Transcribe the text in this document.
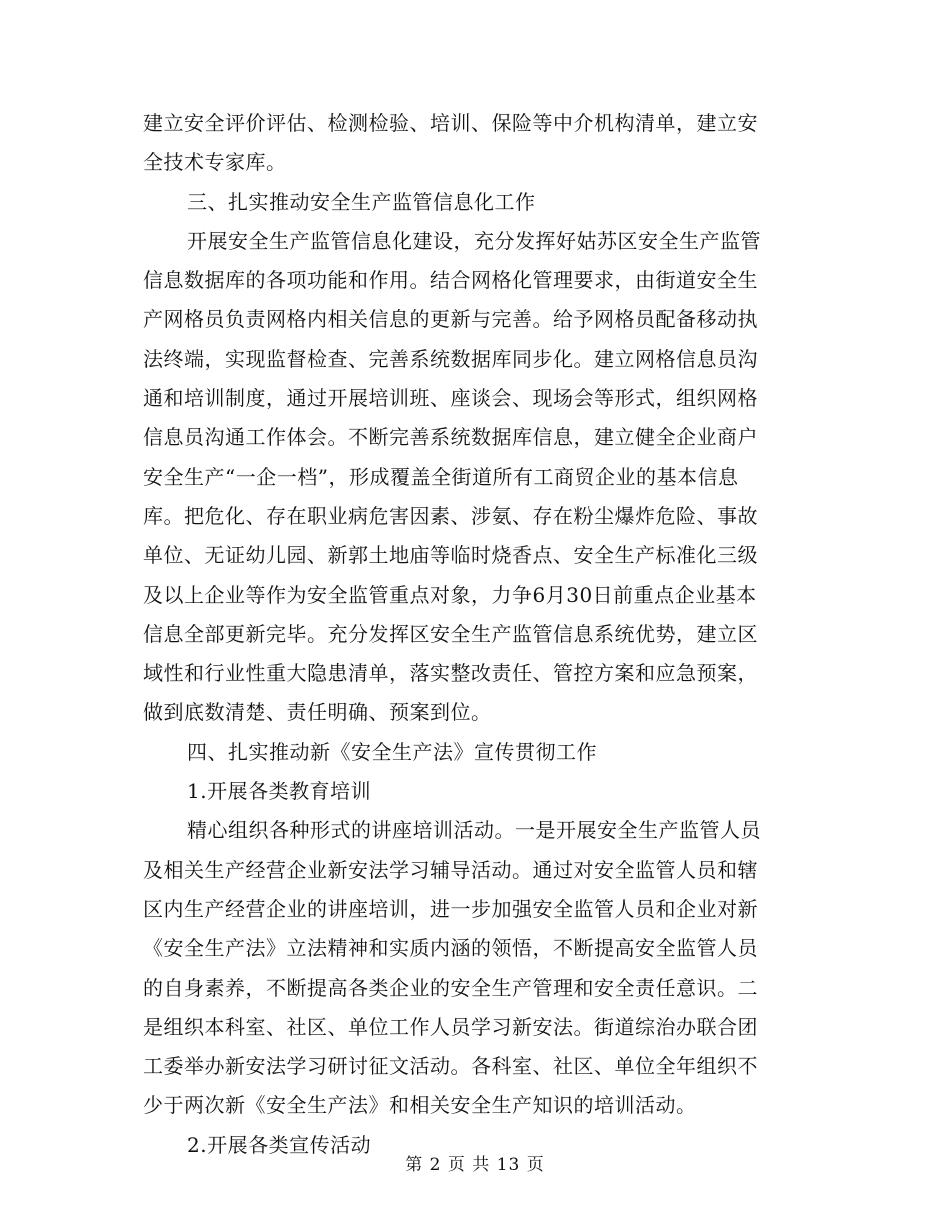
建立安全评价评估、检测检验、培训、保险等中介机构清单，建立安
全技术专家库。
三、扎实推动安全生产监管信息化工作
开展安全生产监管信息化建设，充分发挥好姑苏区安全生产监管
信息数据库的各项功能和作用。结合网格化管理要求，由街道安全生
产网格员负责网格内相关信息的更新与完善。给予网格员配备移动执
法终端，实现监督检查、完善系统数据库同步化。建立网格信息员沟
通和培训制度，通过开展培训班、座谈会、现场会等形式，组织网格
信息员沟通工作体会。不断完善系统数据库信息，建立健全企业商户
安全生产“一企一档”，形成覆盖全街道所有工商贸企业的基本信息
库。把危化、存在职业病危害因素、涉氨、存在粉尘爆炸危险、事故
单位、无证幼儿园、新郭土地庙等临时烧香点、安全生产标准化三级
及以上企业等作为安全监管重点对象，力争6月30日前重点企业基本
信息全部更新完毕。充分发挥区安全生产监管信息系统优势，建立区
域性和行业性重大隐患清单，落实整改责任、管控方案和应急预案，
做到底数清楚、责任明确、预案到位。
四、扎实推动新《安全生产法》宣传贯彻工作
1.开展各类教育培训
精心组织各种形式的讲座培训活动。一是开展安全生产监管人员
及相关生产经营企业新安法学习辅导活动。通过对安全监管人员和辖
区内生产经营企业的讲座培训，进一步加强安全监管人员和企业对新
《安全生产法》立法精神和实质内涵的领悟，不断提高安全监管人员
的自身素养，不断提高各类企业的安全生产管理和安全责任意识。二
是组织本科室、社区、单位工作人员学习新安法。街道综治办联合团
工委举办新安法学习研讨征文活动。各科室、社区、单位全年组织不
少于两次新《安全生产法》和相关安全生产知识的培训活动。
2.开展各类宣传活动
第 2 页 共 13 页
